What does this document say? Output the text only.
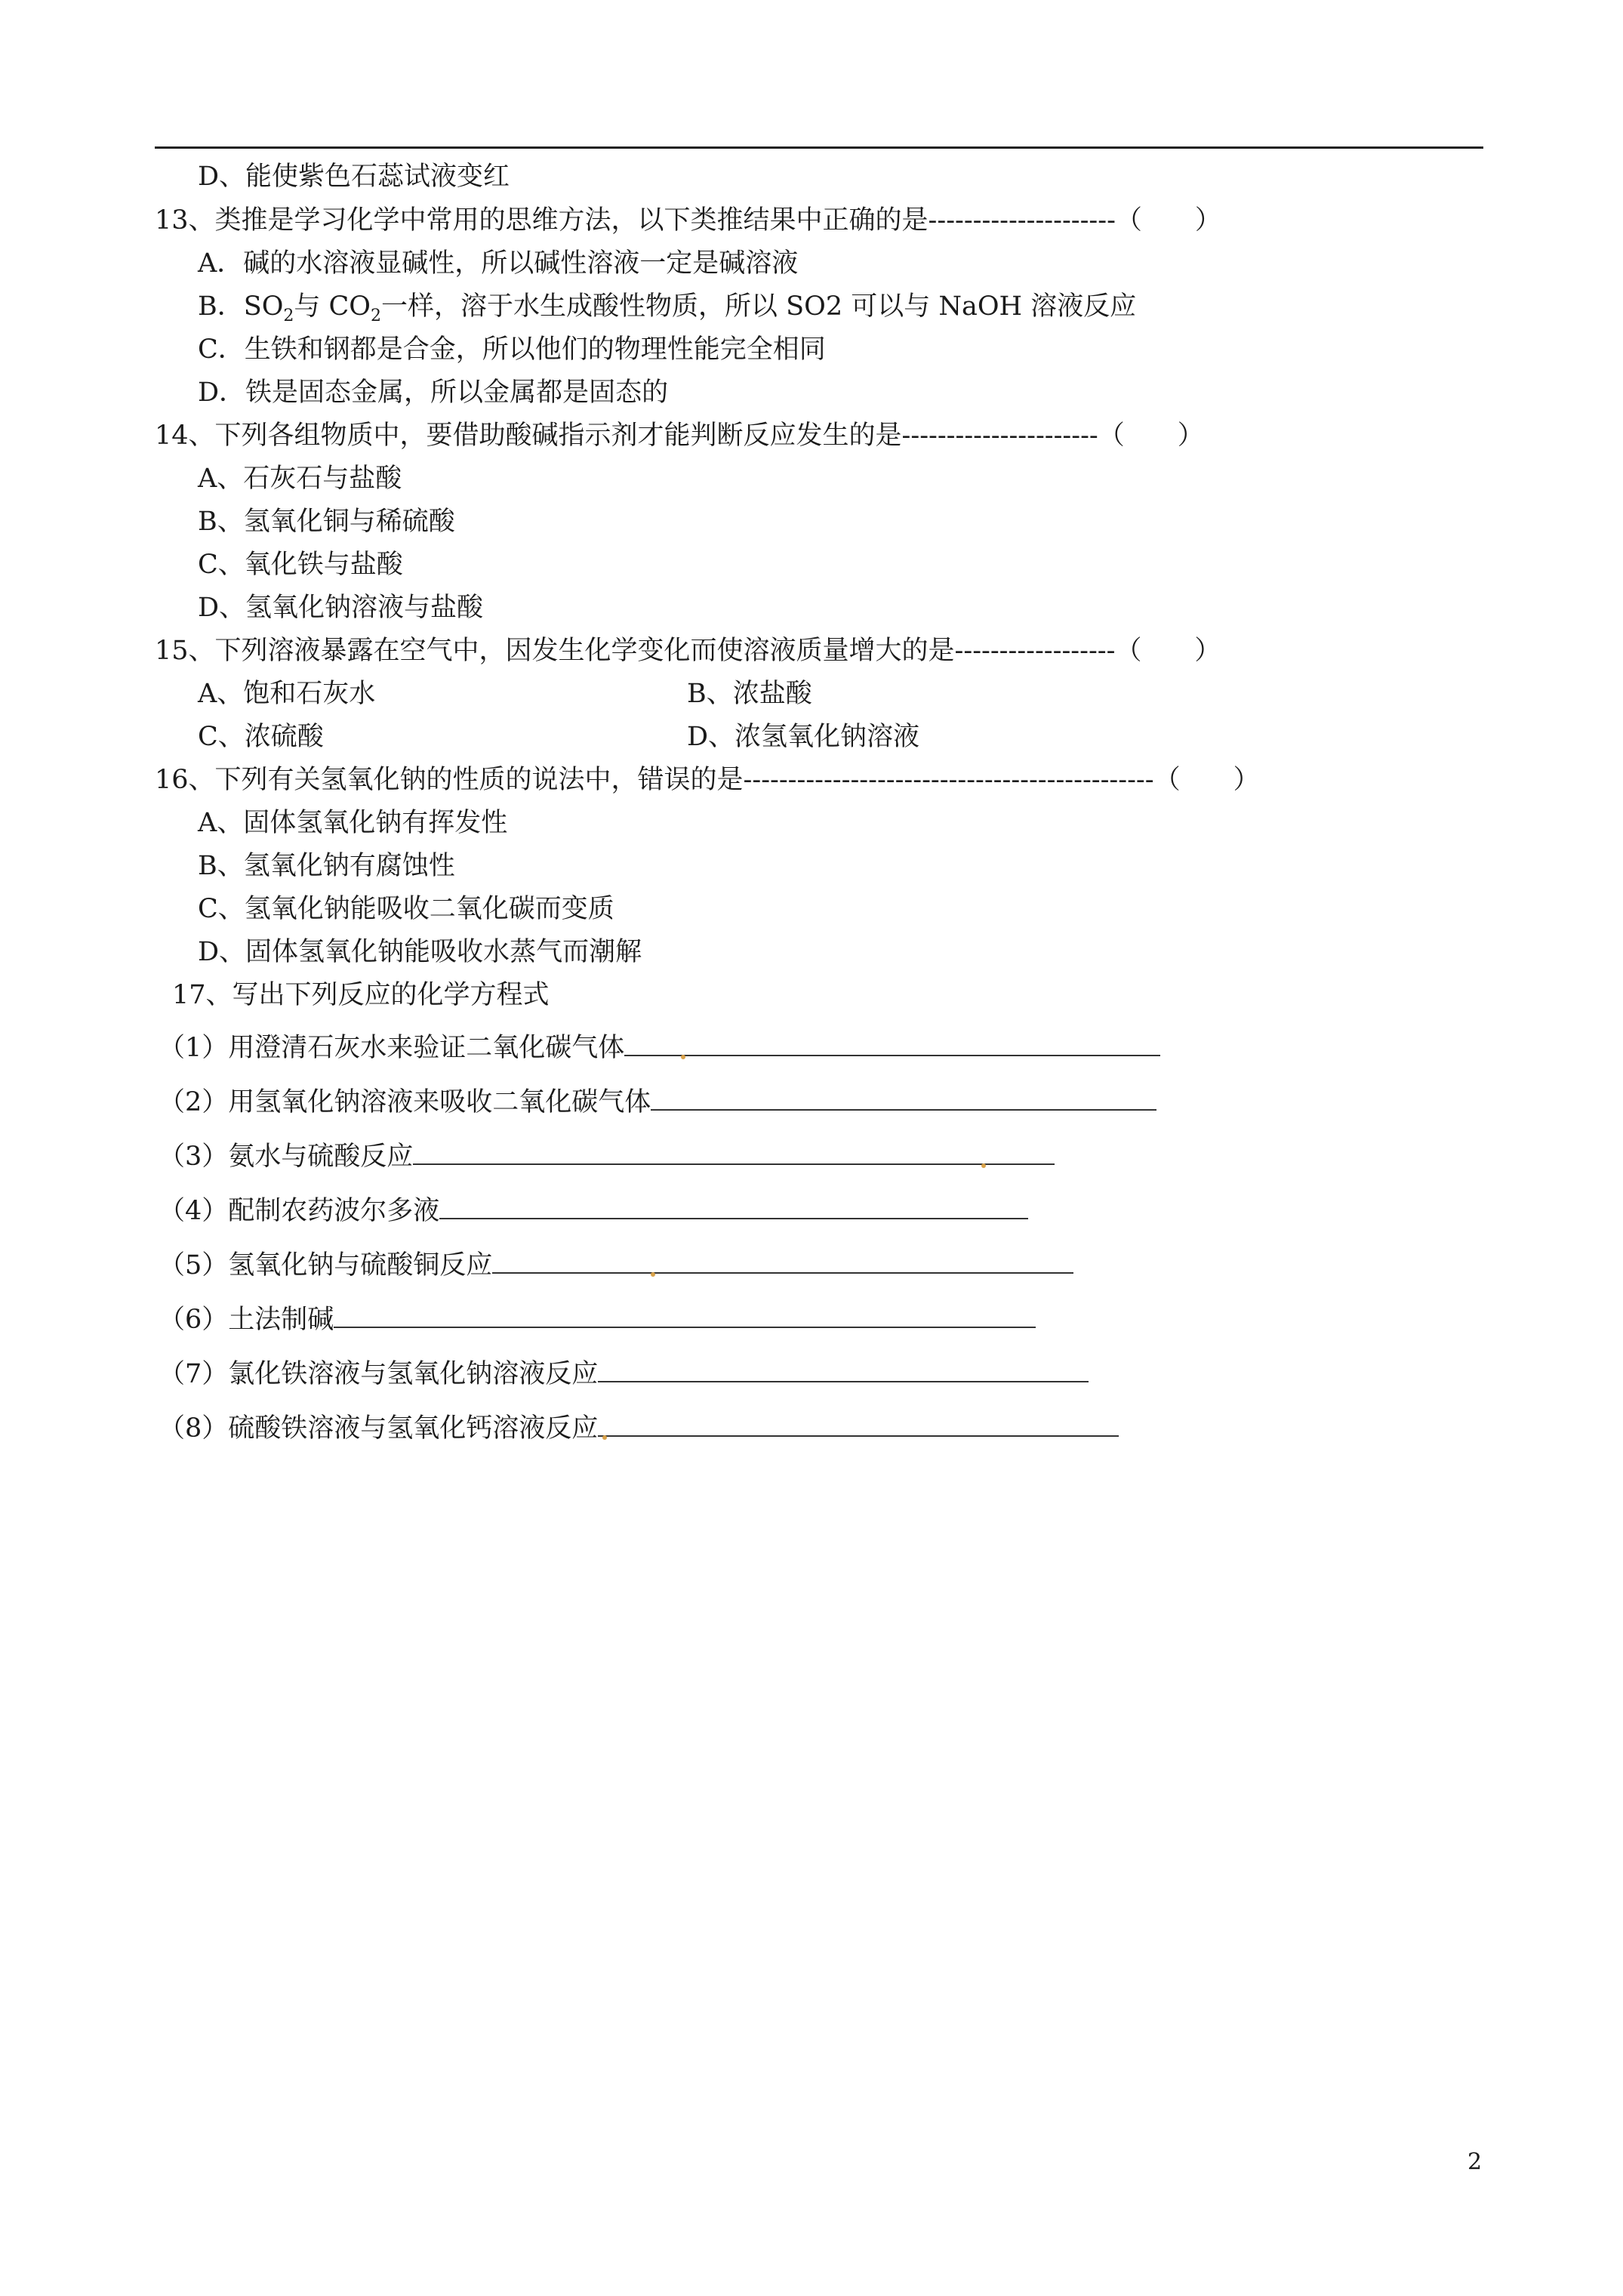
D、能使紫色石蕊试液变红
13、类推是学习化学中常用的思维方法，以下类推结果中正确的是---------------------（　　）
A．碱的水溶液显碱性，所以碱性溶液一定是碱溶液
B．$SO_2$与 $CO_2$一样，溶于水生成酸性物质，所以 SO2 可以与 NaOH 溶液反应
C．生铁和钢都是合金，所以他们的物理性能完全相同
D．铁是固态金属，所以金属都是固态的
14、下列各组物质中，要借助酸碱指示剂才能判断反应发生的是----------------------（　　）
A、石灰石与盐酸
B、氢氧化铜与稀硫酸
C、氧化铁与盐酸
D、氢氧化钠溶液与盐酸
15、下列溶液暴露在空气中，因发生化学变化而使溶液质量增大的是------------------（　　）
A、饱和石灰水	B、浓盐酸
C、浓硫酸	D、浓氢氧化钠溶液
16、下列有关氢氧化钠的性质的说法中，错误的是----------------------------------------------（　　）
A、固体氢氧化钠有挥发性
B、氢氧化钠有腐蚀性
C、氢氧化钠能吸收二氧化碳而变质
D、固体氢氧化钠能吸收水蒸气而潮解
17、写出下列反应的化学方程式
（1）用澄清石灰水来验证二氧化碳气体
（2）用氢氧化钠溶液来吸收二氧化碳气体
（3）氨水与硫酸反应
（4）配制农药波尔多液
（5）氢氧化钠与硫酸铜反应
（6）土法制碱
（7）氯化铁溶液与氢氧化钠溶液反应
（8）硫酸铁溶液与氢氧化钙溶液反应
2
